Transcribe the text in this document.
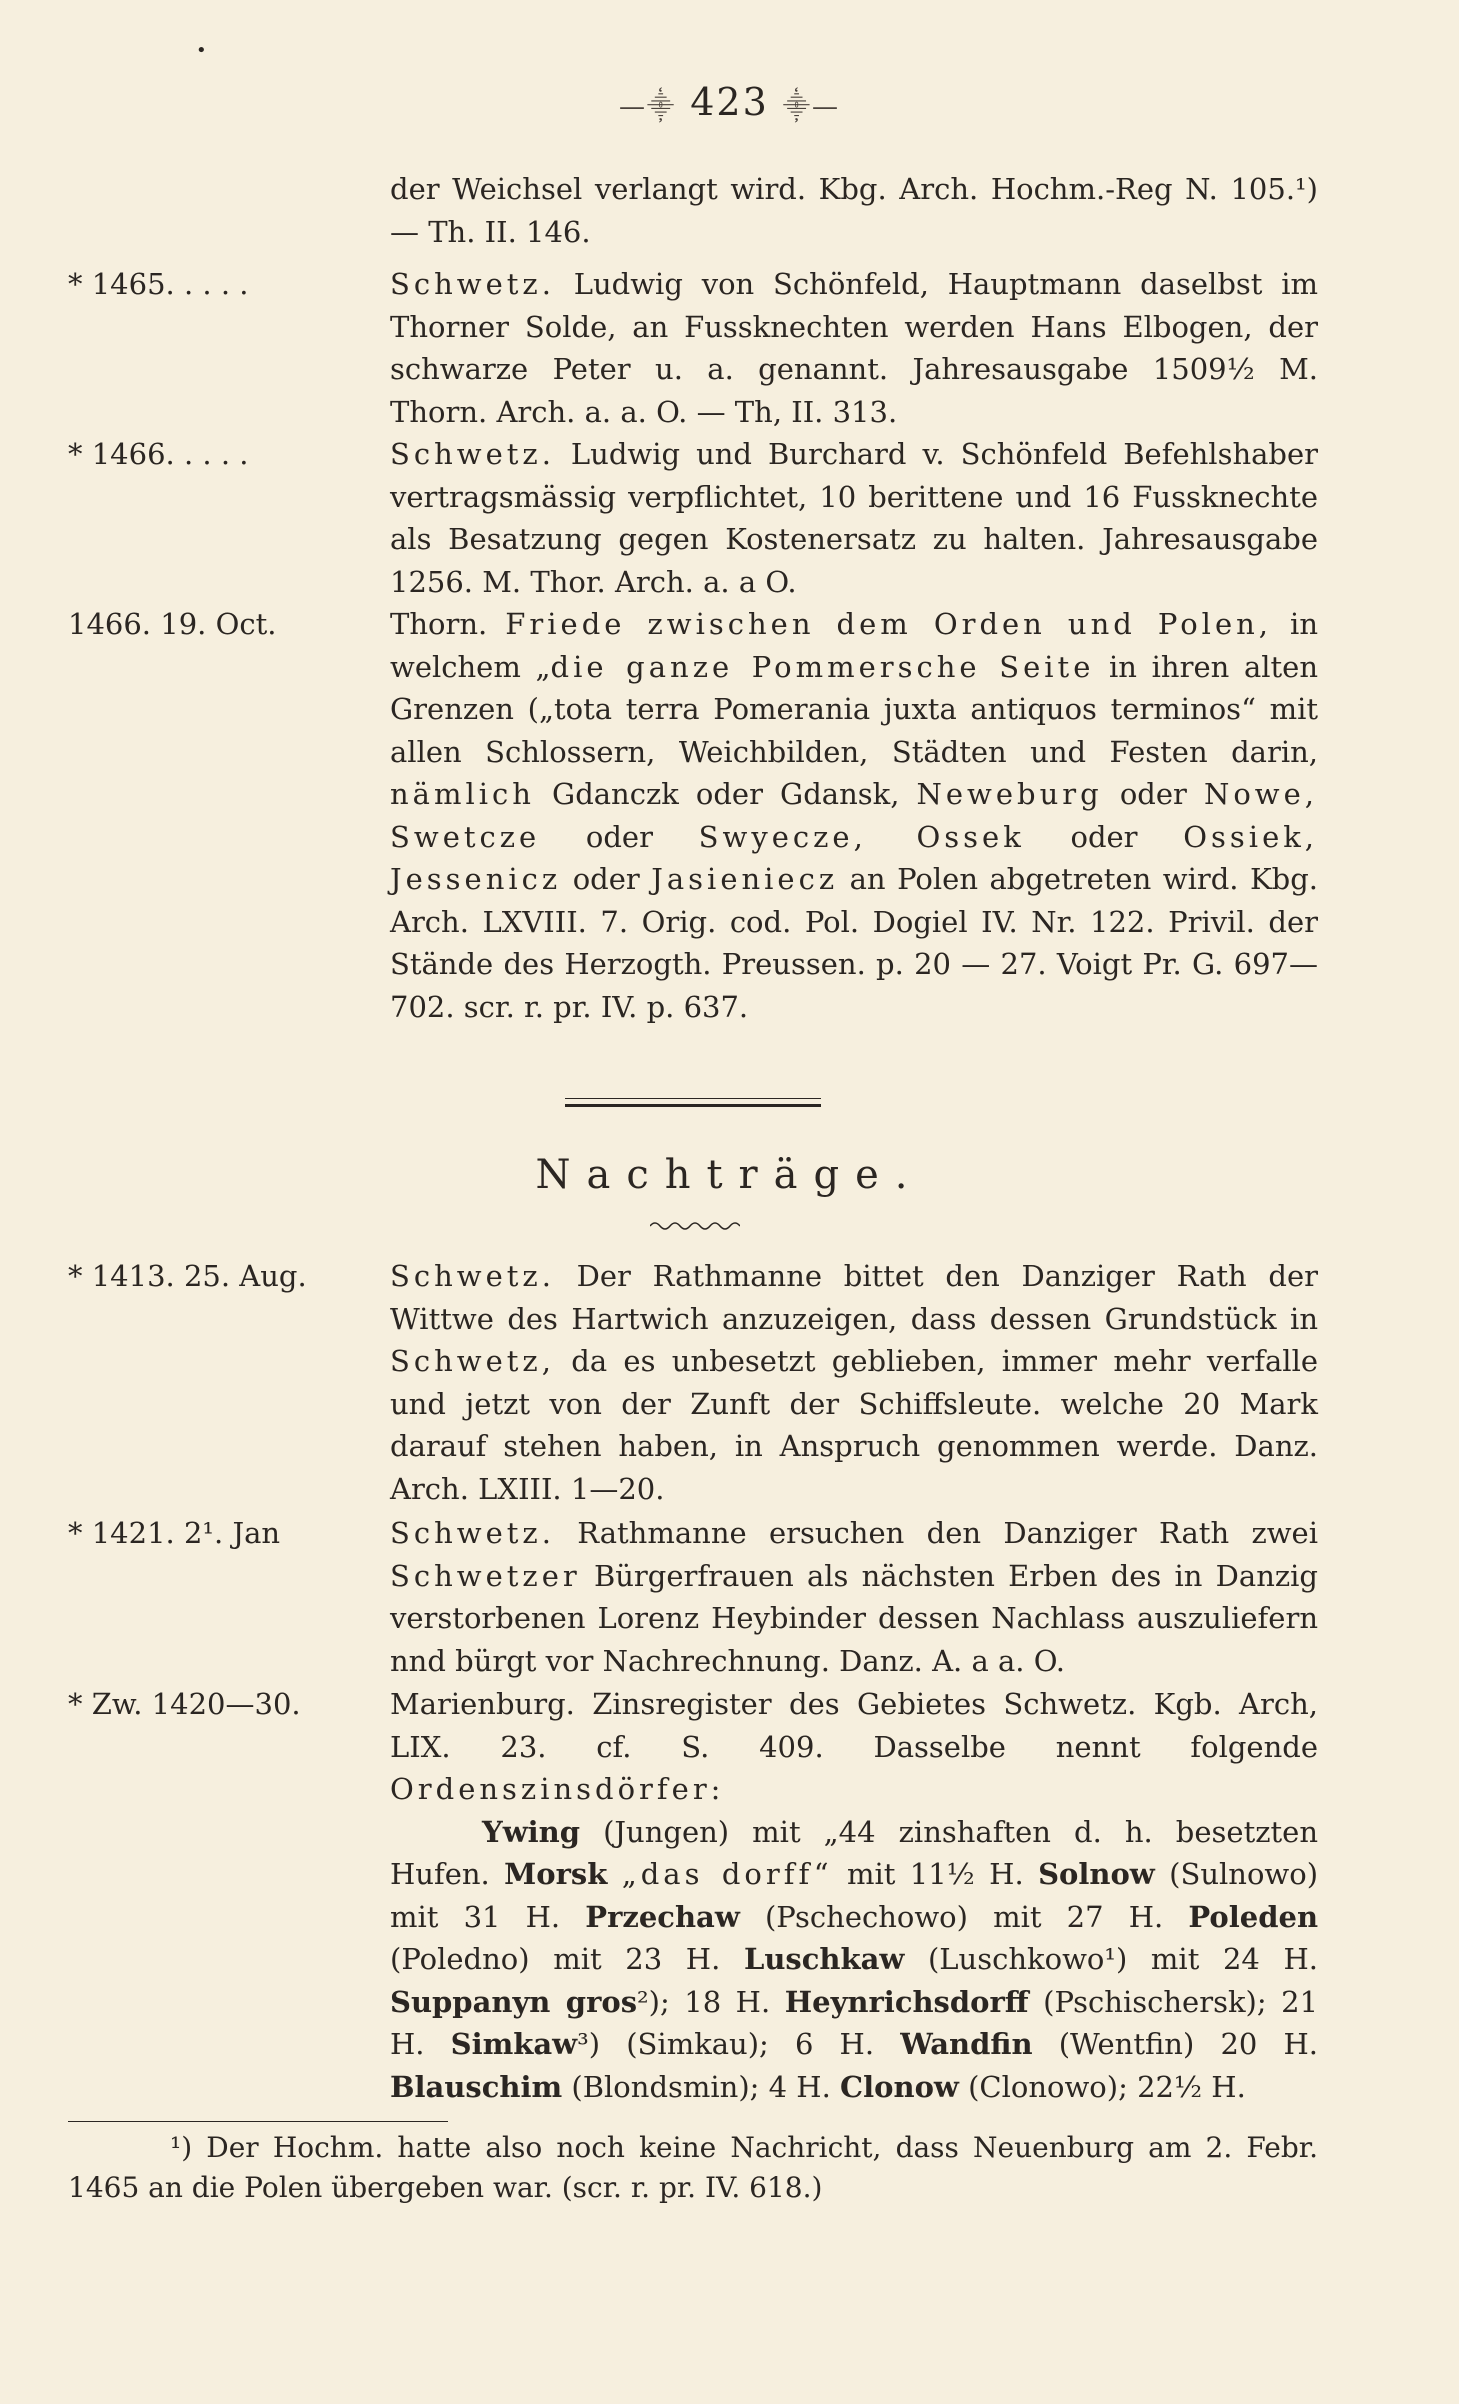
•
—⸎ 423 ⸎—
der Weichsel verlangt wird. Kbg. Arch. Hochm.-Reg N. 105.¹) — Th. II. 146.
* 1465. . . . .	Schwetz. Ludwig von Schönfeld, Hauptmann daselbst im Thorner Solde, an Fussknechten werden Hans Elbogen, der schwarze Peter u. a. genannt. Jahresausgabe 1509½ M. Thorn. Arch. a. a. O. — Th, II. 313.
* 1466. . . . .	Schwetz. Ludwig und Burchard v. Schönfeld Befehlshaber vertragsmässig verpflichtet, 10 berittene und 16 Fussknechte als Besatzung gegen Kostenersatz zu halten. Jahresausgabe 1256. M. Thor. Arch. a. a O.
1466. 19. Oct.	Thorn. Friede zwischen dem Orden und Polen, in welchem „die ganze Pommersche Seite in ihren alten Grenzen („tota terra Pomerania juxta antiquos terminos“ mit allen Schlossern, Weichbilden, Städten und Festen darin, nämlich Gdanczk oder Gdansk, Neweburg oder Nowe, Swetcze oder Swyecze, Ossek oder Ossiek, Jessenicz oder Jasieniecz an Polen abgetreten wird. Kbg. Arch. LXVIII. 7. Orig. cod. Pol. Dogiel IV. Nr. 122. Privil. der Stände des Herzogth. Preussen. p. 20 — 27. Voigt Pr. G. 697—702. scr. r. pr. IV. p. 637.
Nachträge.
* 1413. 25. Aug.	Schwetz. Der Rathmanne bittet den Danziger Rath der Wittwe des Hartwich anzuzeigen, dass dessen Grundstück in Schwetz, da es unbesetzt geblieben, immer mehr verfalle und jetzt von der Zunft der Schiffsleute. welche 20 Mark darauf stehen haben, in Anspruch genommen werde. Danz. Arch. LXIII. 1—20.
* 1421. 2¹. Jan	Schwetz. Rathmanne ersuchen den Danziger Rath zwei Schwetzer Bürgerfrauen als nächsten Erben des in Danzig verstorbenen Lorenz Heybinder dessen Nachlass auszuliefern nnd bürgt vor Nachrechnung. Danz. A. a a. O.
* Zw. 1420—30.	Marienburg. Zinsregister des Gebietes Schwetz. Kgb. Arch, LIX. 23. cf. S. 409. Dasselbe nennt folgende Ordenszinsdörfer:

Ywing (Jungen) mit „44 zinshaften d. h. besetzten Hufen. Morsk „das dorff“ mit 11½ H. Solnow (Sulnowo) mit 31 H. Przechaw (Pschechowo) mit 27 H. Poleden (Poledno) mit 23 H. Luschkaw (Luschkowo¹) mit 24 H. Suppanyn gros²); 18 H. Heynrichsdorff (Pschischersk); 21 H. Simkaw³) (Simkau); 6 H. Wandfin (Wentfin) 20 H. Blauschim (Blondsmin); 4 H. Clonow (Clonowo); 22½ H.

¹) Der Hochm. hatte also noch keine Nachricht, dass Neuenburg am 2. Febr. 1465 an die Polen übergeben war. (scr. r. pr. IV. 618.)
